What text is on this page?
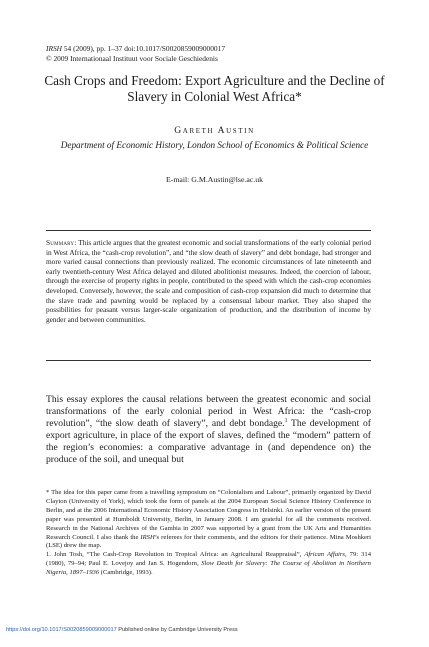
IRSH 54 (2009), pp. 1–37 doi:10.1017/S0020859009000017
© 2009 Internationaal Instituut voor Sociale Geschiedenis
Cash Crops and Freedom: Export Agriculture and the Decline of Slavery in Colonial West Africa*
Gareth Austin
Department of Economic History, London School of Economics & Political Science
E-mail: G.M.Austin@lse.ac.uk
Summary: This article argues that the greatest economic and social transformations of the early colonial period in West Africa, the “cash-crop revolution”, and “the slow death of slavery” and debt bondage, had stronger and more varied causal connections than previously realized. The economic circumstances of late nineteenth and early twentieth-century West Africa delayed and diluted abolitionist measures. Indeed, the coercion of labour, through the exercise of property rights in people, contributed to the speed with which the cash-crop economies developed. Conversely, however, the scale and composition of cash-crop expansion did much to determine that the slave trade and pawning would be replaced by a consensual labour market. They also shaped the possibilities for peasant versus larger-scale organization of production, and the distribution of income by gender and between communities.
This essay explores the causal relations between the greatest economic and social transformations of the early colonial period in West Africa: the “cash-crop revolution”, “the slow death of slavery”, and debt bondage.$^1$ The development of export agriculture, in place of the export of slaves, defined the “modern” pattern of the region’s economies: a comparative advantage in (and dependence on) the produce of the soil, and unequal but

* The idea for this paper came from a travelling symposium on “Colonialism and Labour”, primarily organized by David Clayton (University of York), which took the form of panels at the 2004 European Social Science History Conference in Berlin, and at the 2006 International Economic History Association Congress in Helsinki. An earlier version of the present paper was presented at Humboldt University, Berlin, in January 2008. I am grateful for all the comments received. Research in the National Archives of the Gambia in 2007 was supported by a grant from the UK Arts and Humanities Research Council. I also thank the IRSH’s referees for their comments, and the editors for their patience. Mina Moshkeri (LSE) drew the map.

1. John Tosh, “The Cash-Crop Revolution in Tropical Africa: an Agricultural Reappraisal”, African Affairs, 79: 314 (1980), 79–94; Paul E. Lovejoy and Jan S. Hogendorn, Slow Death for Slavery: The Course of Abolition in Northern Nigeria, 1897–1936 (Cambridge, 1993).

https://doi.org/10.1017/S0020859009000017 Published online by Cambridge University Press
